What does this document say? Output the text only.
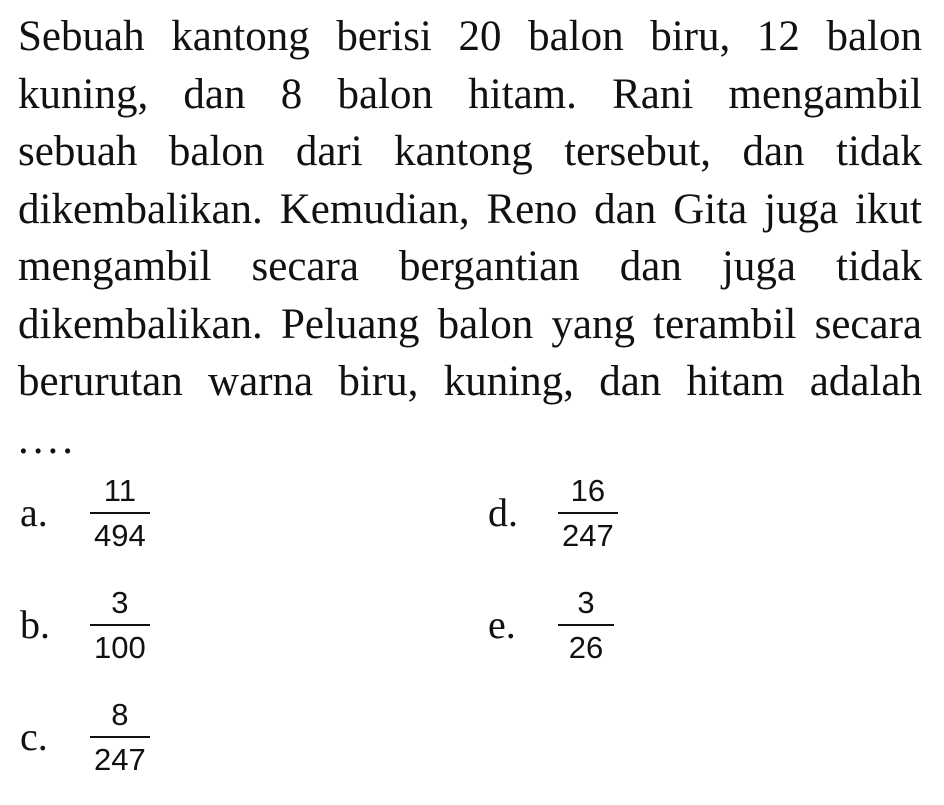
Sebuah kantong berisi 20 balon biru, 12 balon
kuning, dan 8 balon hitam. Rani mengambil
sebuah balon dari kantong tersebut, dan tidak
dikembalikan. Kemudian, Reno dan Gita juga ikut
mengambil secara bergantian dan juga tidak
dikembalikan. Peluang balon yang terambil secara
berurutan warna biru, kuning, dan hitam adalah
....
a.	$\frac{11}{494}$
b.	$\frac{3}{100}$
c.	$\frac{8}{247}$
d.	$\frac{16}{247}$
e.	$\frac{3}{26}$
